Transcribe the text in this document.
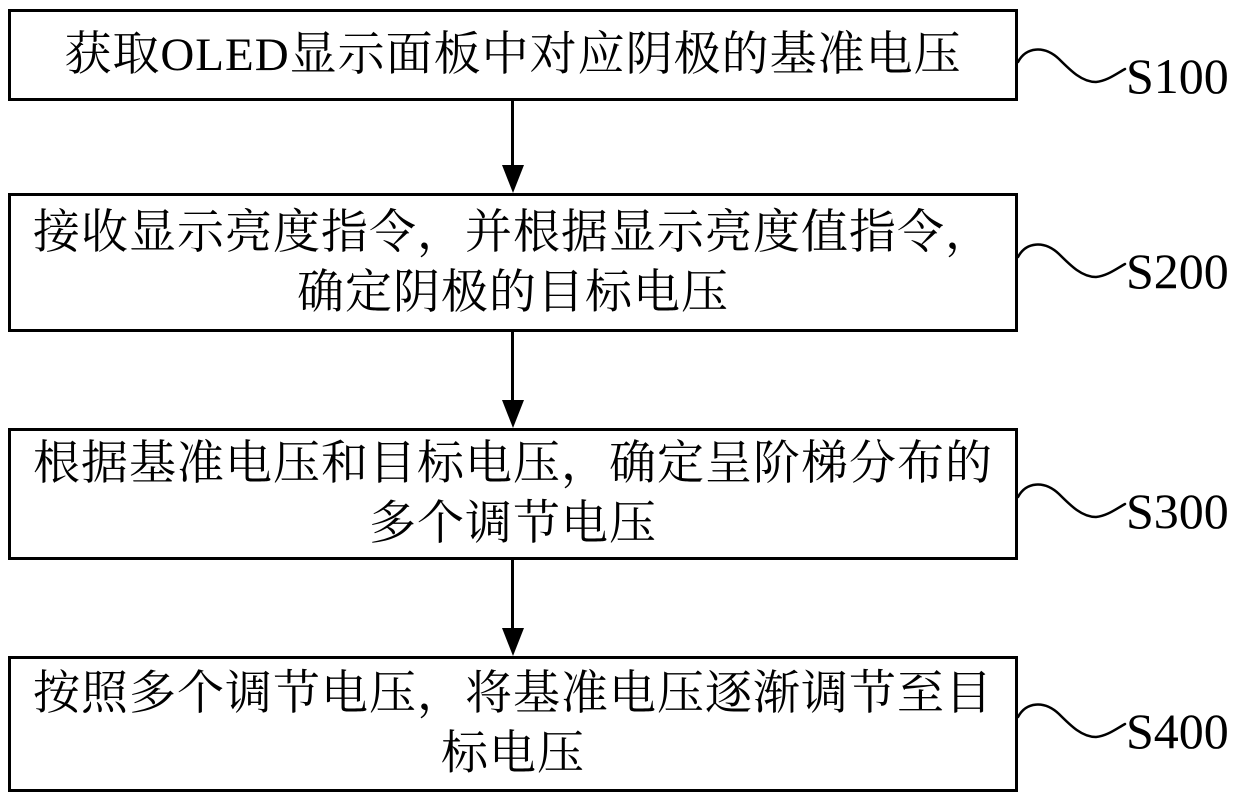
获取OLED显示面板中对应阴极的基准电压
接收显示亮度指令，并根据显示亮度值指令，
确定阴极的目标电压
根据基准电压和目标电压，确定呈阶梯分布的
多个调节电压
按照多个调节电压，将基准电压逐渐调节至目
标电压
S100
S200
S300
S400
